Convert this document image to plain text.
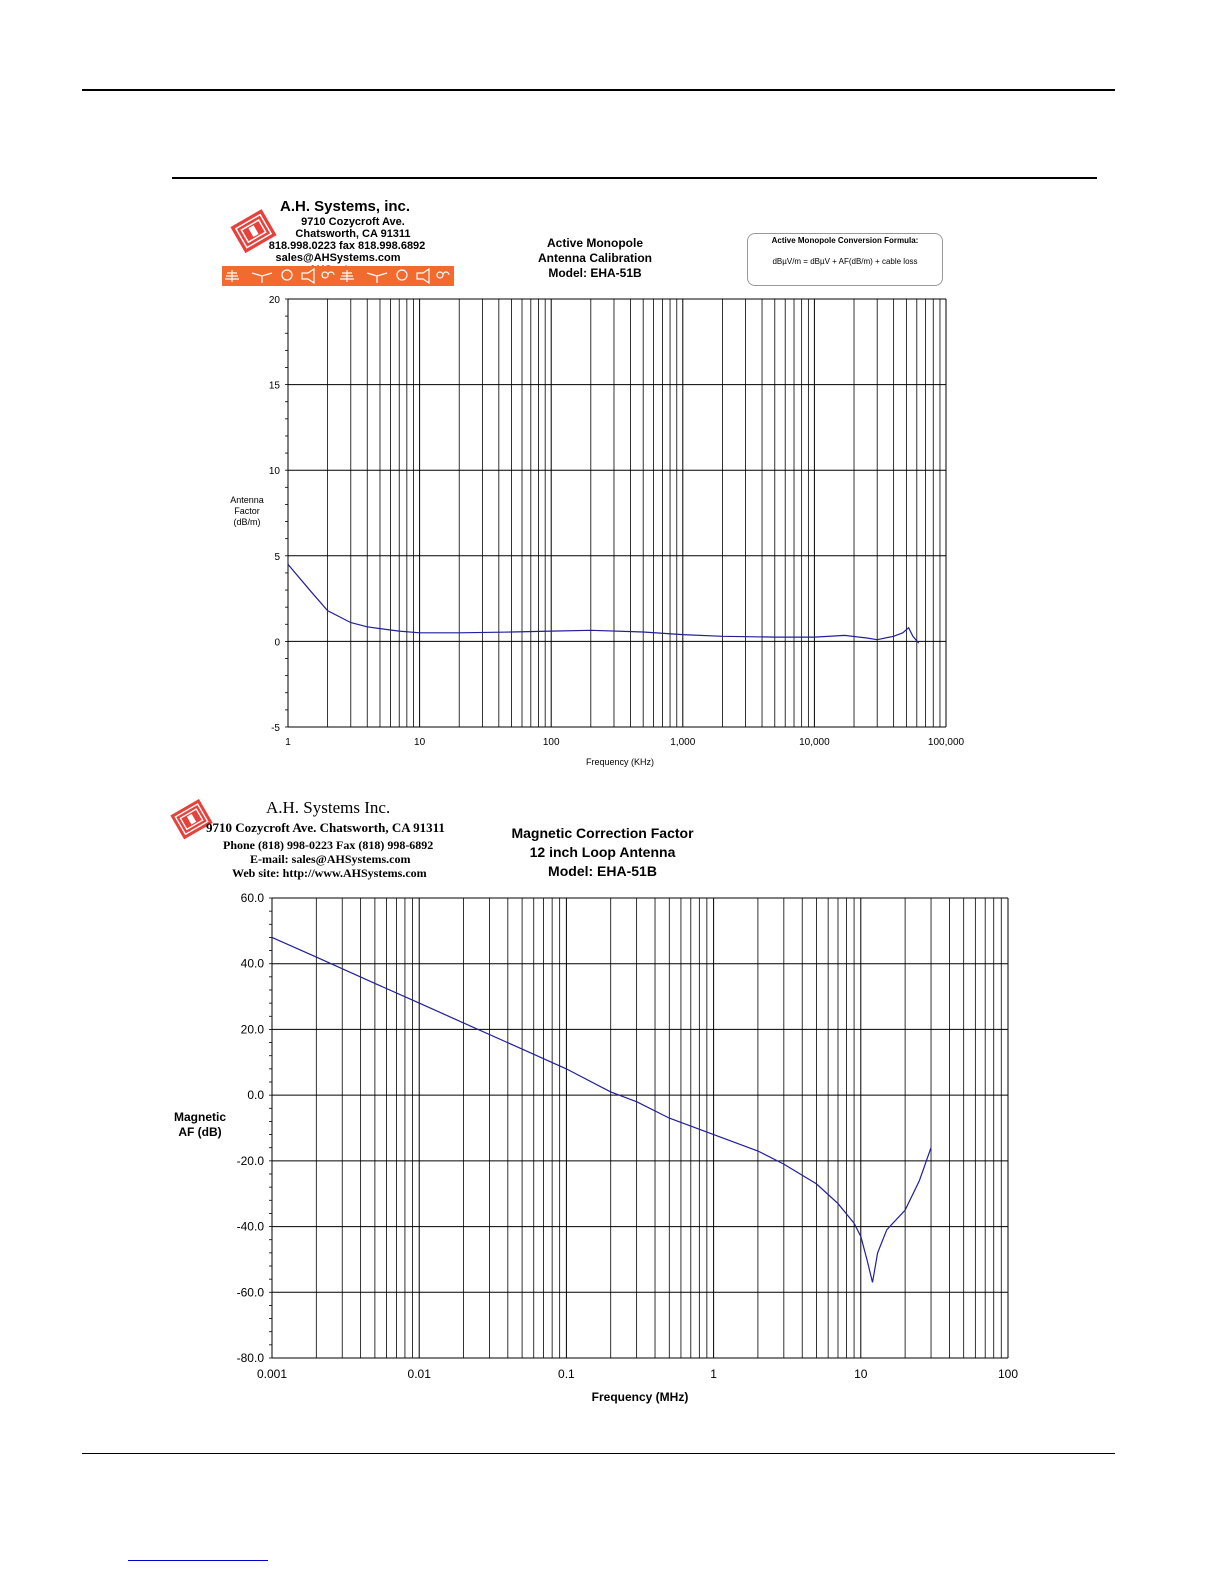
A.H. Systems, inc.
9710 Cozycroft Ave.
Chatsworth, CA 91311
818.998.0223 fax 818.998.6892
sales@AHSystems.com
Active Monopole
Antenna Calibration
Model: EHA-51B
Active Monopole Conversion Formula:
dBµV/m = dBµV + AF(dB/m) + cable loss
1	10	100	1,000	10,000	100,000
-5
0
5
10
15
20
Antenna
Factor
(dB/m)
Frequency (KHz)
A.H. Systems Inc.
9710 Cozycroft Ave. Chatsworth, CA 91311
Phone (818) 998-0223 Fax (818) 998-6892
E-mail: sales@AHSystems.com
Web site: http://www.AHSystems.com
Magnetic Correction Factor
12 inch Loop Antenna
Model: EHA-51B
0.001	0.01	0.1	1	10	100
-80.0
-60.0
-40.0
-20.0
0.0
20.0
40.0
60.0
Magnetic
AF (dB)
Frequency (MHz)
